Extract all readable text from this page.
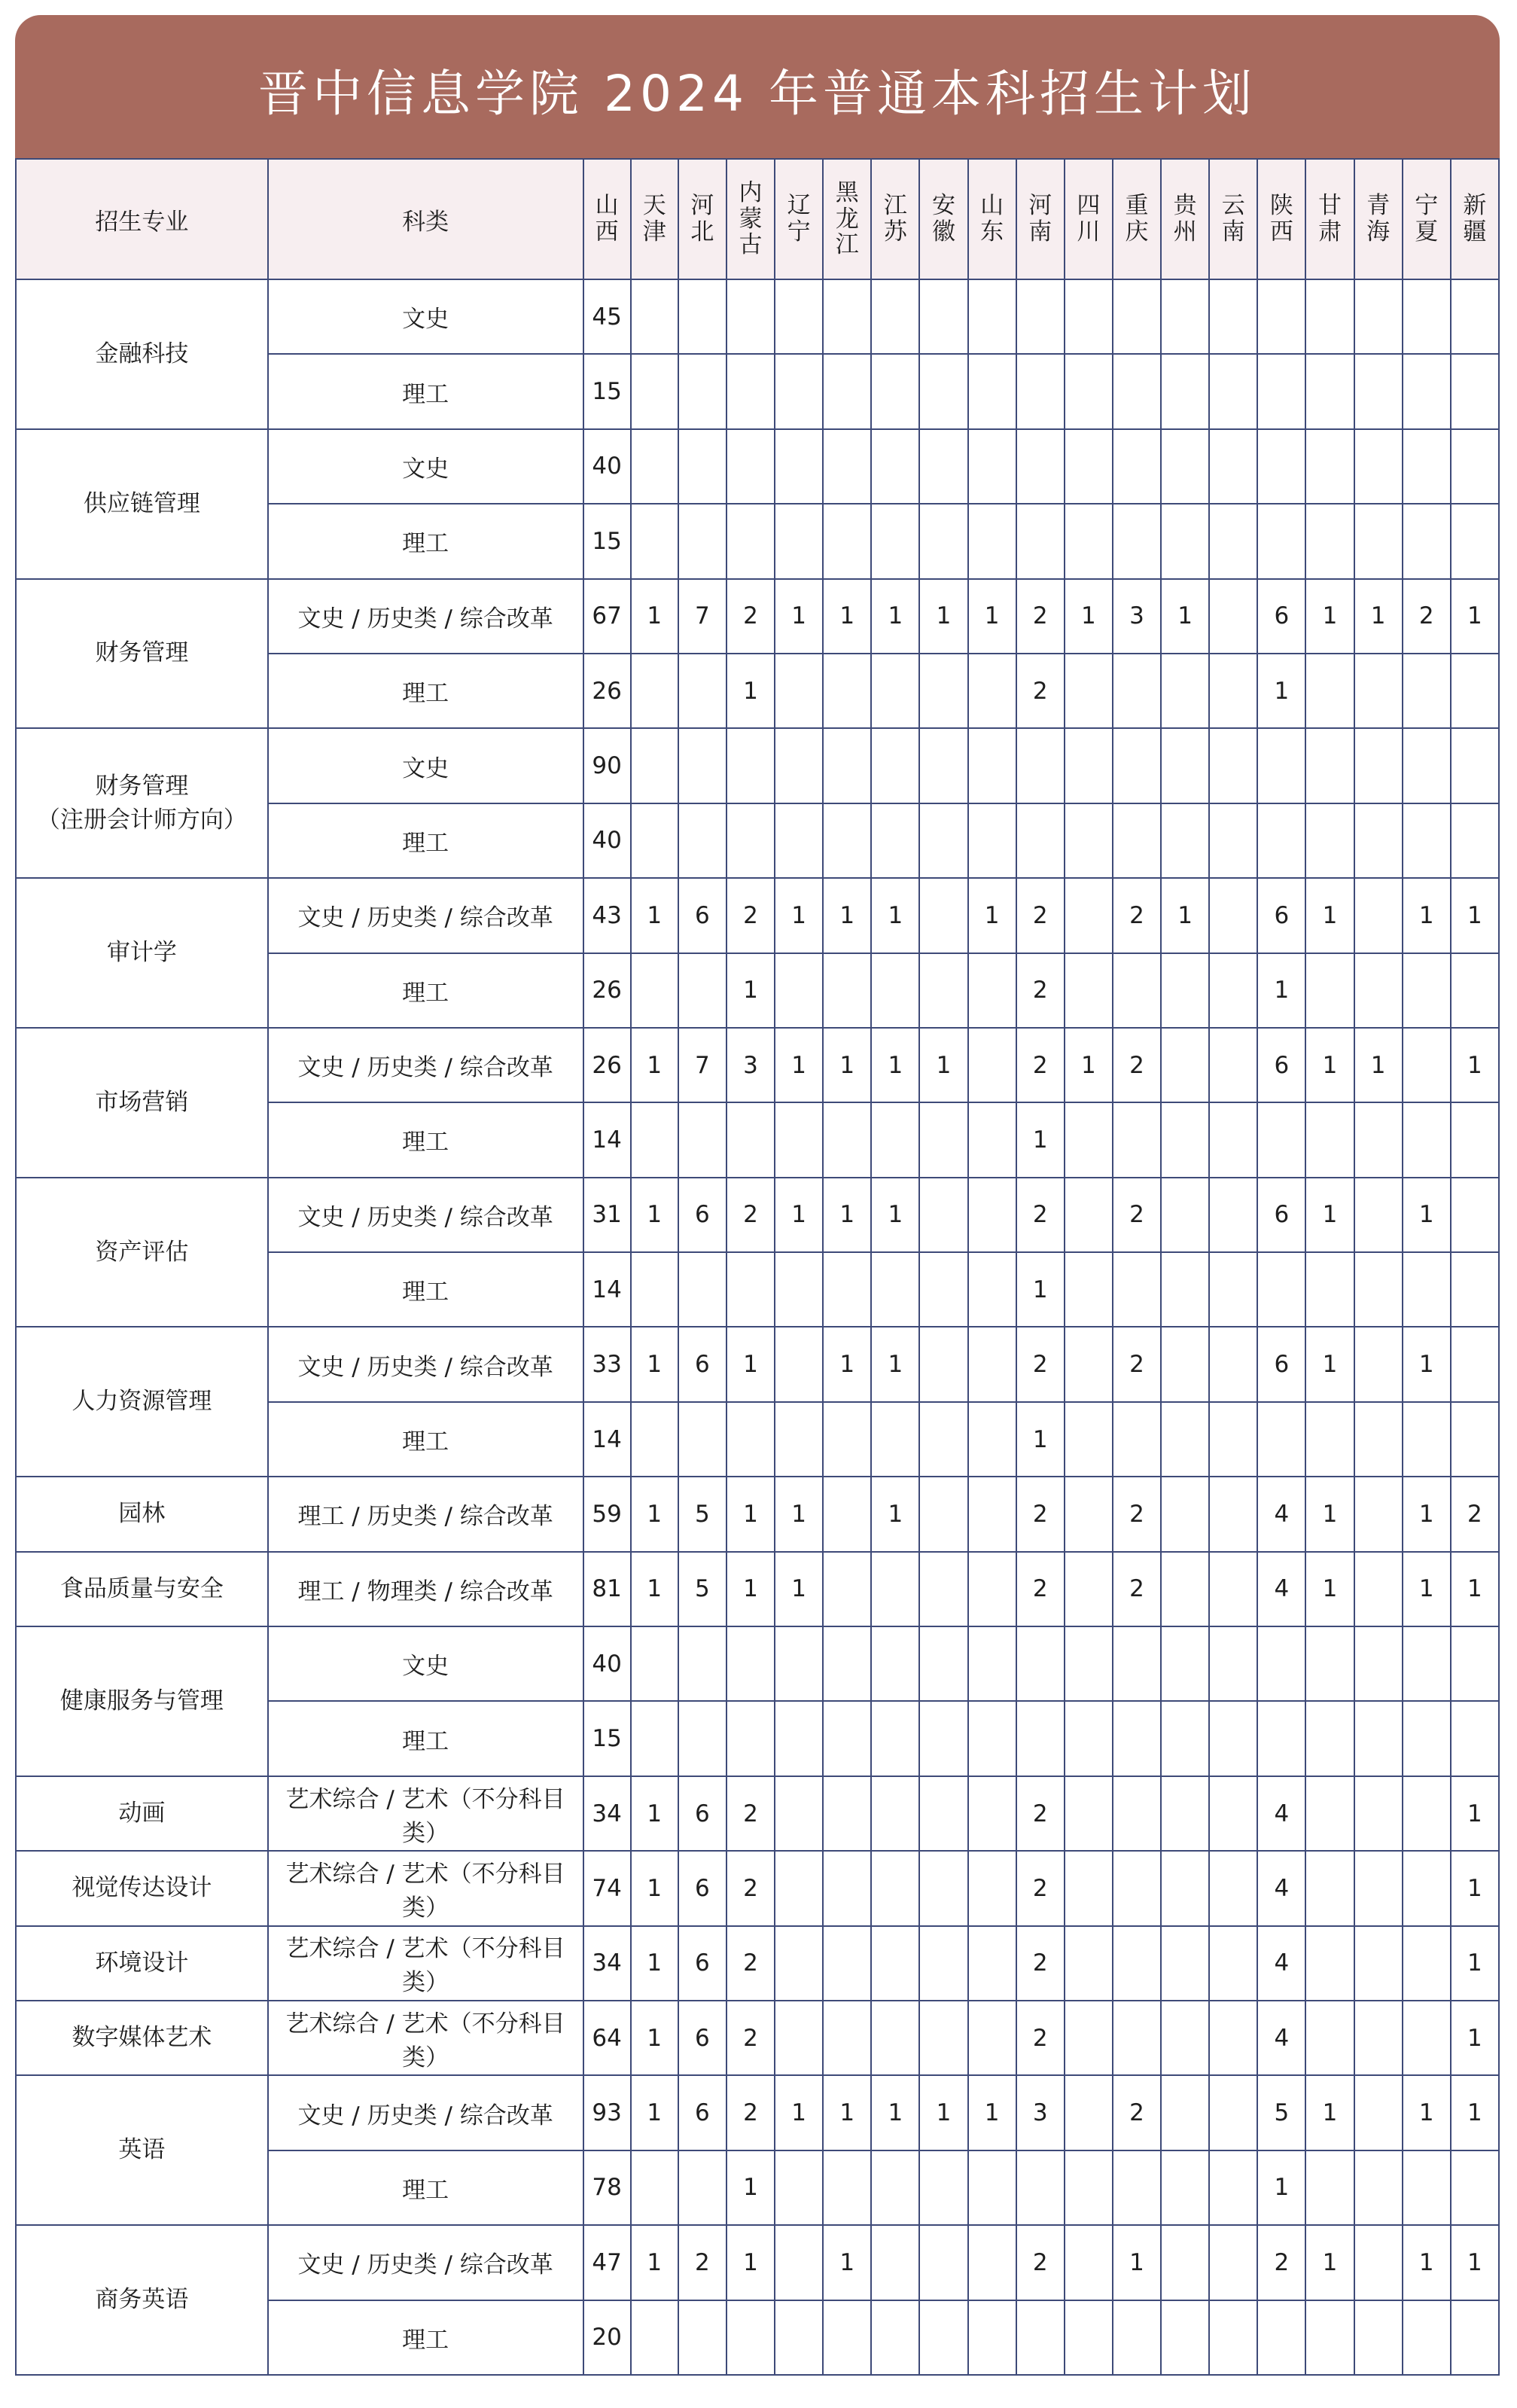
晋中信息学院 2024 年普通本科招生计划
招生专业	科类	山西	天津	河北	内蒙古	辽宁	黑龙江	江苏	安徽	山东	河南	四川	重庆	贵州	云南	陕西	甘肃	青海	宁夏	新疆
金融科技	文史	45																		
	理工	15																		
供应链管理	文史	40																		
	理工	15																		
财务管理	文史 / 历史类 / 综合改革	67	1	7	2	1	1	1	1	1	2	1	3	1		6	1	1	2	1
	理工	26			1						2					1				
财务管理
（注册会计师方向）	文史	90																		
	理工	40																		
审计学	文史 / 历史类 / 综合改革	43	1	6	2	1	1	1		1	2		2	1		6	1		1	1
	理工	26			1						2					1				
市场营销	文史 / 历史类 / 综合改革	26	1	7	3	1	1	1	1		2	1	2			6	1	1		1
	理工	14									1									
资产评估	文史 / 历史类 / 综合改革	31	1	6	2	1	1	1			2		2			6	1		1	
	理工	14									1									
人力资源管理	文史 / 历史类 / 综合改革	33	1	6	1		1	1			2		2			6	1		1	
	理工	14									1									
园林	理工 / 历史类 / 综合改革	59	1	5	1	1		1			2		2			4	1		1	2
食品质量与安全	理工 / 物理类 / 综合改革	81	1	5	1	1					2		2			4	1		1	1
健康服务与管理	文史	40																		
	理工	15																		
动画	艺术综合 / 艺术（不分科目类）	34	1	6	2						2					4				1
视觉传达设计	艺术综合 / 艺术（不分科目类）	74	1	6	2						2					4				1
环境设计	艺术综合 / 艺术（不分科目类）	34	1	6	2						2					4				1
数字媒体艺术	艺术综合 / 艺术（不分科目类）	64	1	6	2						2					4				1
英语	文史 / 历史类 / 综合改革	93	1	6	2	1	1	1	1	1	3		2			5	1		1	1
	理工	78			1											1				
商务英语	文史 / 历史类 / 综合改革	47	1	2	1		1				2		1			2	1		1	1
	理工	20																		
